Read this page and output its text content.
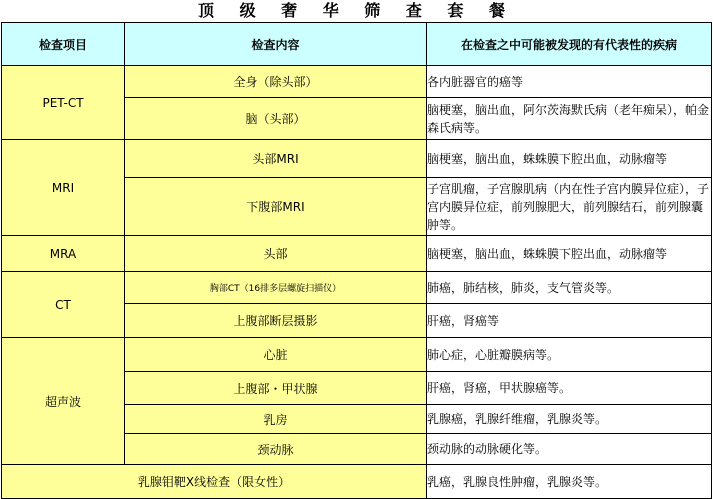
顶 级 奢 华 筛 查 套 餐
检查项目	检查内容	在检查之中可能被发现的有代表性的疾病
PET-CT	全身（除头部）	各内脏器官的癌等
	脑（头部）	脑梗塞，脑出血，阿尔茨海默氏病（老年痴呆），帕金森氏病等。
MRI	头部MRI	脑梗塞，脑出血，蛛蛛膜下腔出血，动脉瘤等
	下腹部MRI	子宫肌瘤，子宫腺肌病（内在性子宫内膜异位症），子宫内膜异位症，前列腺肥大，前列腺结石，前列腺囊肿等。
MRA	头部	脑梗塞，脑出血，蛛蛛膜下腔出血，动脉瘤等
CT	胸部CT（16排多层螺旋扫描仪）	肺癌，肺结核，肺炎，支气管炎等。
	上腹部断层摄影	肝癌，肾癌等
超声波	心脏	肺心症，心脏瓣膜病等。
	上腹部・甲状腺	肝癌，肾癌，甲状腺癌等。
	乳房	乳腺癌，乳腺纤维瘤，乳腺炎等。
	颈动脉	颈动脉的动脉硬化等。
乳腺钼靶X线检查（限女性）		乳癌，乳腺良性肿瘤，乳腺炎等。
